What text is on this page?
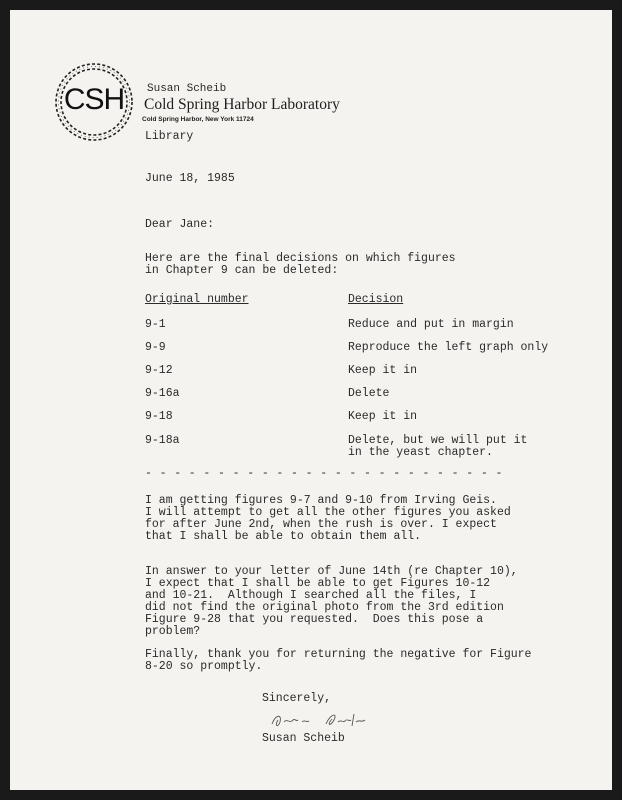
CSH	Susan Scheib
Cold Spring Harbor Laboratory
Cold Spring Harbor, New York 11724
Library
June 18, 1985
Dear Jane:
Here are the final decisions on which figures
in Chapter 9 can be deleted:
Original number	Decision
9-1	Reduce and put in margin
9-9	Reproduce the left graph only
9-12	Keep it in
9-16a	Delete
9-18	Keep it in
9-18a	Delete, but we will put it
in the yeast chapter.
- - - - - - - - - - - - - - - - - - - - - - - - -
I am getting figures 9-7 and 9-10 from Irving Geis.
I will attempt to get all the other figures you asked
for after June 2nd, when the rush is over. I expect
that I shall be able to obtain them all.
In answer to your letter of June 14th (re Chapter 10),
I expect that I shall be able to get Figures 10-12
and 10-21.  Although I searched all the files, I
did not find the original photo from the 3rd edition
Figure 9-28 that you requested.  Does this pose a
problem?
Finally, thank you for returning the negative for Figure
8-20 so promptly.
Sincerely,
Susan Scheib
